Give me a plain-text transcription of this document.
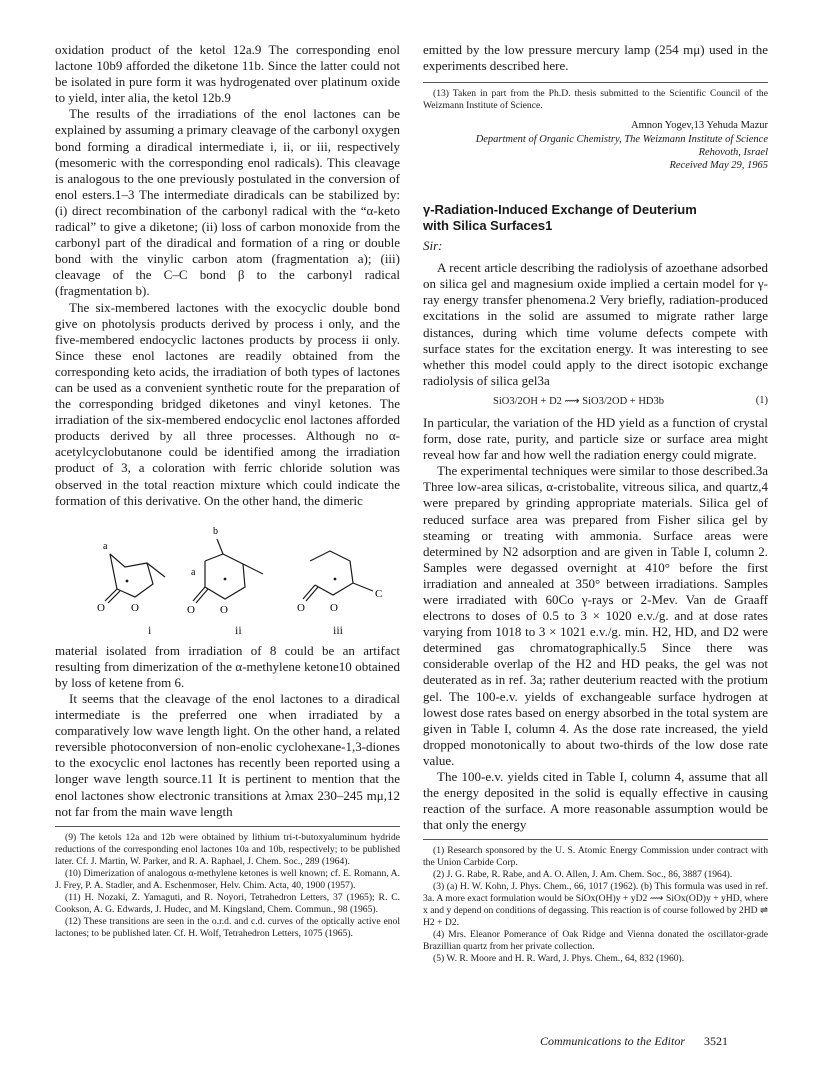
oxidation product of the ketol 12a.9 The corresponding enol lactone 10b9 afforded the diketone 11b. Since the latter could not be isolated in pure form it was hydrogenated over platinum oxide to yield, inter alia, the ketol 12b.9

The results of the irradiations of the enol lactones can be explained by assuming a primary cleavage of the carbonyl oxygen bond forming a diradical intermediate i, ii, or iii, respectively (mesomeric with the corresponding enol radicals). This cleavage is analogous to the one previously postulated in the conversion of enol esters.1–3 The intermediate diradicals can be stabilized by: (i) direct recombination of the carbonyl radical with the “α-keto radical” to give a diketone; (ii) loss of carbon monoxide from the carbonyl part of the diradical and formation of a ring or double bond with the vinylic carbon atom (fragmentation a); (iii) cleavage of the C–C bond β to the carbonyl radical (fragmentation b).

The six-membered lactones with the exocyclic double bond give on photolysis products derived by process i only, and the five-membered endocyclic lactones products by process ii only. Since these enol lactones are readily obtained from the corresponding keto acids, the irradiation of both types of lactones can be used as a convenient synthetic route for the preparation of the corresponding bridged diketones and vinyl ketones. The irradiation of the six-membered endocyclic enol lactones afforded products derived by all three processes. Although no α-acetylcyclobutanone could be identified among the irradiation product of 3, a coloration with ferric chloride solution was observed in the total reaction mixture which could indicate the formation of this derivative. On the other hand, the dimeric

a
O O
b
a
O O	O O
C
i	ii	iii

material isolated from irradiation of 8 could be an artifact resulting from dimerization of the α-methylene ketone10 obtained by loss of ketene from 6.

It seems that the cleavage of the enol lactones to a diradical intermediate is the preferred one when irradiated by a comparatively low wave length light. On the other hand, a related reversible photoconversion of non-enolic cyclohexane-1,3-diones to the exocyclic enol lactones has recently been reported using a longer wave length source.11 It is pertinent to mention that the enol lactones show electronic transitions at λmax 230–245 mμ,12 not far from the main wave length

(9) The ketols 12a and 12b were obtained by lithium tri-t-butoxyaluminum hydride reductions of the corresponding enol lactones 10a and 10b, respectively; to be published later. Cf. J. Martin, W. Parker, and R. A. Raphael, J. Chem. Soc., 289 (1964).

(10) Dimerization of analogous α-methylene ketones is well known; cf. E. Romann, A. J. Frey, P. A. Stadler, and A. Eschenmoser, Helv. Chim. Acta, 40, 1900 (1957).

(11) H. Nozaki, Z. Yamaguti, and R. Noyori, Tetrahedron Letters, 37 (1965); R. C. Cookson, A. G. Edwards, J. Hudec, and M. Kingsland, Chem. Commun., 98 (1965).

(12) These transitions are seen in the o.r.d. and c.d. curves of the optically active enol lactones; to be published later. Cf. H. Wolf, Tetrahedron Letters, 1075 (1965).

emitted by the low pressure mercury lamp (254 mμ) used in the experiments described here.

(13) Taken in part from the Ph.D. thesis submitted to the Scientific Council of the Weizmann Institute of Science.

Amnon Yogev,13 Yehuda Mazur

Department of Organic Chemistry, The Weizmann Institute of Science

Rehovoth, Israel

Received May 29, 1965

γ-Radiation-Induced Exchange of Deuterium
with Silica Surfaces1

Sir:

A recent article describing the radiolysis of azoethane adsorbed on silica gel and magnesium oxide implied a certain model for γ-ray energy transfer phenomena.2 Very briefly, radiation-produced excitations in the solid are assumed to migrate rather large distances, during which time volume defects compete with surface states for the excitation energy. It was interesting to see whether this model could apply to the direct isotopic exchange radiolysis of silica gel3a

SiO3/2OH + D2 ⟿ SiO3/2OD + HD3b	(1)

In particular, the variation of the HD yield as a function of crystal form, dose rate, purity, and particle size or surface area might reveal how far and how well the radiation energy could migrate.

The experimental techniques were similar to those described.3a Three low-area silicas, α-cristobalite, vitreous silica, and quartz,4 were prepared by grinding appropriate materials. Silica gel of reduced surface area was prepared from Fisher silica gel by steaming or treating with ammonia. Surface areas were determined by N2 adsorption and are given in Table I, column 2. Samples were degassed overnight at 410° before the first irradiation and annealed at 350° between irradiations. Samples were irradiated with 60Co γ-rays or 2-Mev. Van de Graaff electrons to doses of 0.5 to 3 × 1020 e.v./g. and at dose rates varying from 1018 to 3 × 1021 e.v./g. min. H2, HD, and D2 were determined gas chromatographically.5 Since there was considerable overlap of the H2 and HD peaks, the gel was not deuterated as in ref. 3a; rather deuterium reacted with the protium gel. The 100-e.v. yields of exchangeable surface hydrogen at lowest dose rates based on energy absorbed in the total system are given in Table I, column 4. As the dose rate increased, the yield dropped monotonically to about two-thirds of the low dose rate value.

The 100-e.v. yields cited in Table I, column 4, assume that all the energy deposited in the solid is equally effective in causing reaction of the surface. A more reasonable assumption would be that only the energy

(1) Research sponsored by the U. S. Atomic Energy Commission under contract with the Union Carbide Corp.

(2) J. G. Rabe, R. Rabe, and A. O. Allen, J. Am. Chem. Soc., 86, 3887 (1964).

(3) (a) H. W. Kohn, J. Phys. Chem., 66, 1017 (1962). (b) This formula was used in ref. 3a. A more exact formulation would be SiOx(OH)y + yD2 ⟿ SiOx(OD)y + yHD, where x and y depend on conditions of degassing. This reaction is of course followed by 2HD ⇌ H2 + D2.

(4) Mrs. Eleanor Pomerance of Oak Ridge and Vienna donated the oscillator-grade Brazillian quartz from her private collection.

(5) W. R. Moore and H. R. Ward, J. Phys. Chem., 64, 832 (1960).

Communications to the Editor 3521
